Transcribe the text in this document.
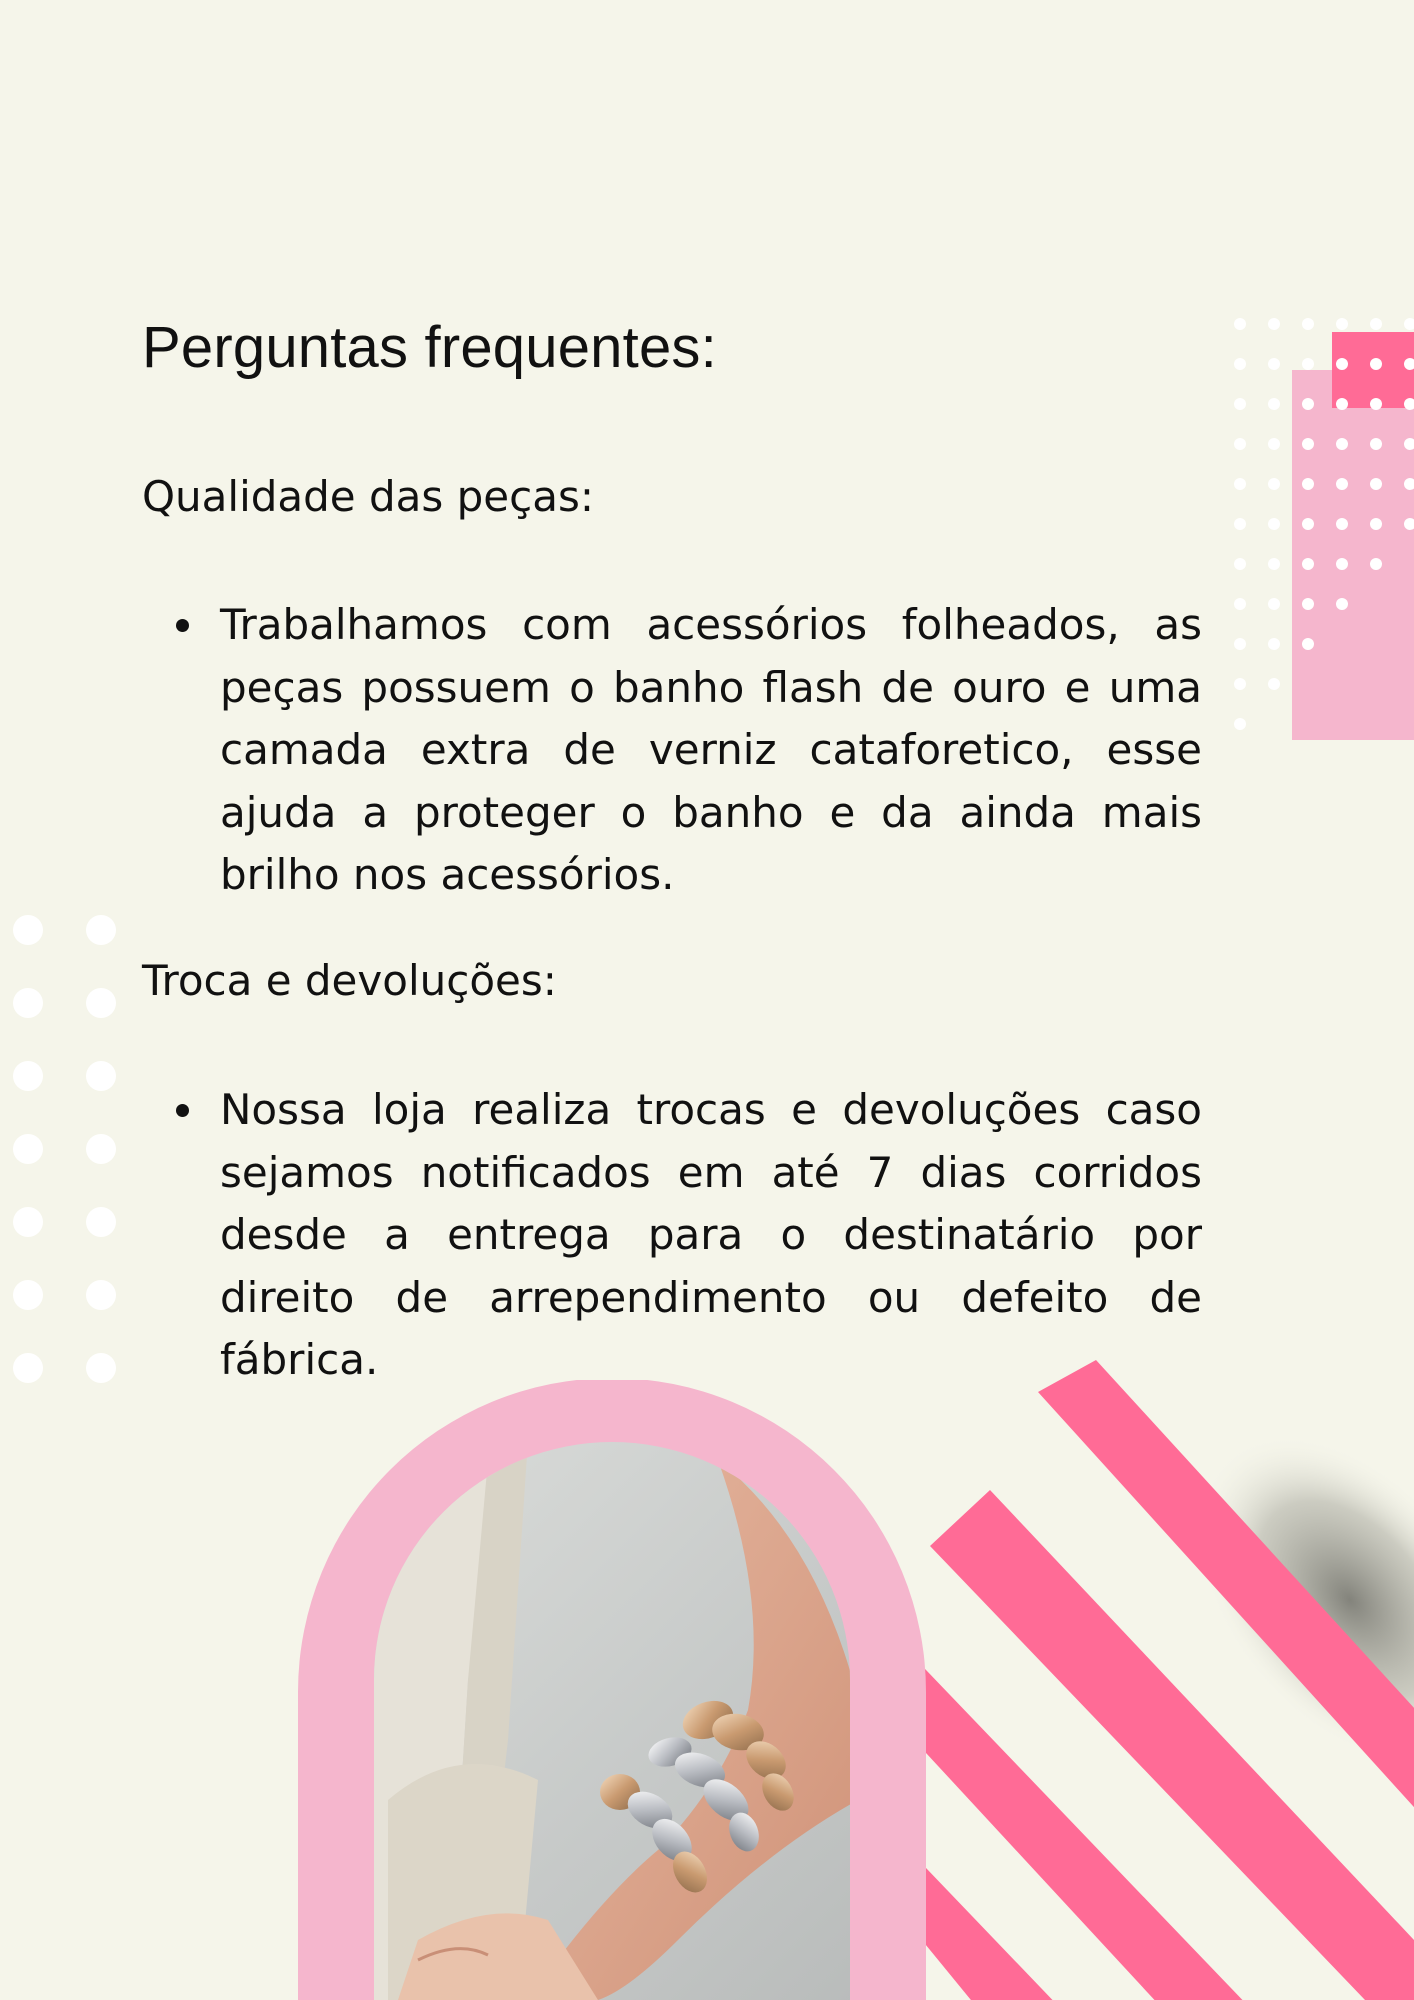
Perguntas frequentes:
Qualidade das peças:
Trabalhamos com acessórios folheados, as peças possuem o banho flash de ouro e uma camada extra de verniz cataforetico, esse ajuda a proteger o banho e da ainda mais brilho nos acessórios.
Troca e devoluções:
Nossa loja realiza trocas e devoluções caso sejamos notificados em até 7 dias corridos desde a entrega para o destinatário por direito de arrependimento ou defeito de fábrica.
